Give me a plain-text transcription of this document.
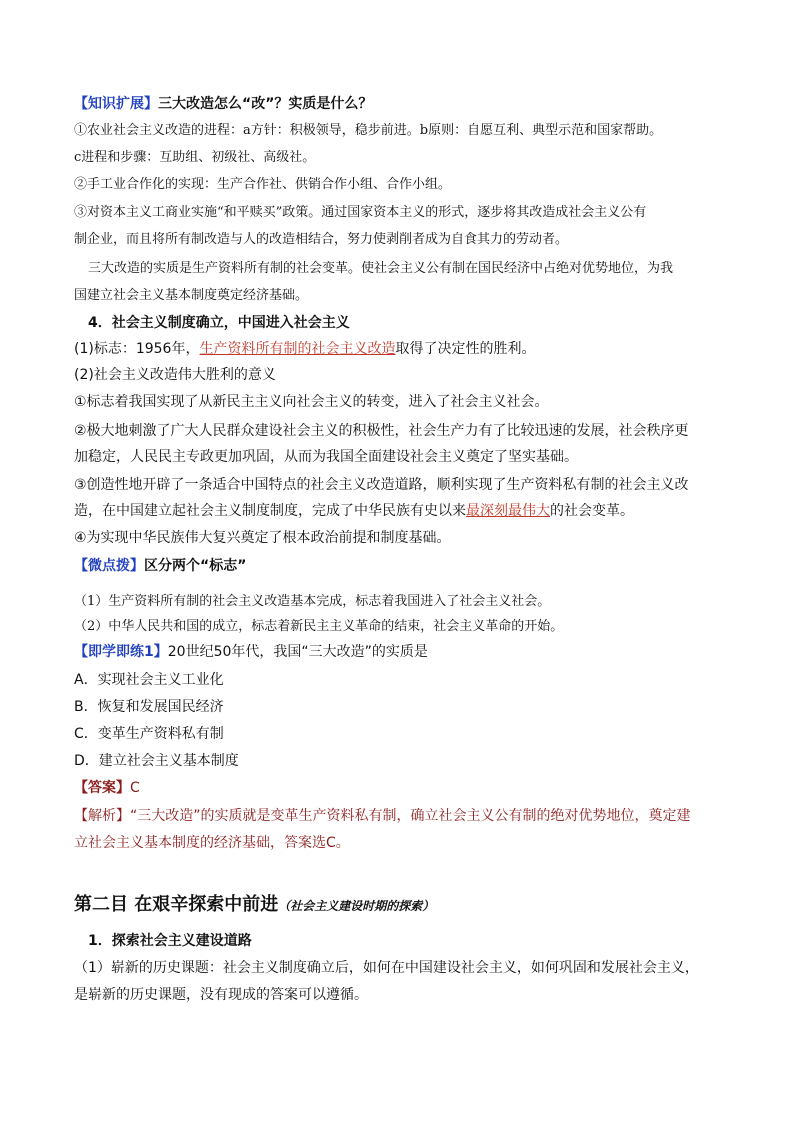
【知识扩展】三大改造怎么“改”？实质是什么？
①农业社会主义改造的进程：a方针：积极领导，稳步前进。b原则：自愿互利、典型示范和国家帮助。
c进程和步骤：互助组、初级社、高级社。
②手工业合作化的实现：生产合作社、供销合作小组、合作小组。
③对资本主义工商业实施“和平赎买”政策。通过国家资本主义的形式，逐步将其改造成社会主义公有
制企业，而且将所有制改造与人的改造相结合，努力使剥削者成为自食其力的劳动者。
三大改造的实质是生产资料所有制的社会变革。使社会主义公有制在国民经济中占绝对优势地位，为我
国建立社会主义基本制度奠定经济基础。
4．社会主义制度确立，中国进入社会主义
(1)标志：1956年，生产资料所有制的社会主义改造取得了决定性的胜利。
(2)社会主义改造伟大胜利的意义
①标志着我国实现了从新民主主义向社会主义的转变，进入了社会主义社会。
②极大地刺激了广大人民群众建设社会主义的积极性，社会生产力有了比较迅速的发展，社会秩序更
加稳定，人民民主专政更加巩固，从而为我国全面建设社会主义奠定了坚实基础。
③创造性地开辟了一条适合中国特点的社会主义改造道路，顺利实现了生产资料私有制的社会主义改
造，在中国建立起社会主义制度制度，完成了中华民族有史以来最深刻最伟大的社会变革。
④为实现中华民族伟大复兴奠定了根本政治前提和制度基础。
【微点拨】区分两个“标志”
（1）生产资料所有制的社会主义改造基本完成，标志着我国进入了社会主义社会。
（2）中华人民共和国的成立，标志着新民主主义革命的结束，社会主义革命的开始。
【即学即练1】20世纪50年代，我国“三大改造”的实质是
A．实现社会主义工业化
B．恢复和发展国民经济
C．变革生产资料私有制
D．建立社会主义基本制度
【答案】C
【解析】“三大改造”的实质就是变革生产资料私有制，确立社会主义公有制的绝对优势地位，奠定建
立社会主义基本制度的经济基础，答案选C。
第二目 在艰辛探索中前进（社会主义建设时期的探索）
1．探索社会主义建设道路
（1）崭新的历史课题：社会主义制度确立后，如何在中国建设社会主义，如何巩固和发展社会主义，
是崭新的历史课题，没有现成的答案可以遵循。
